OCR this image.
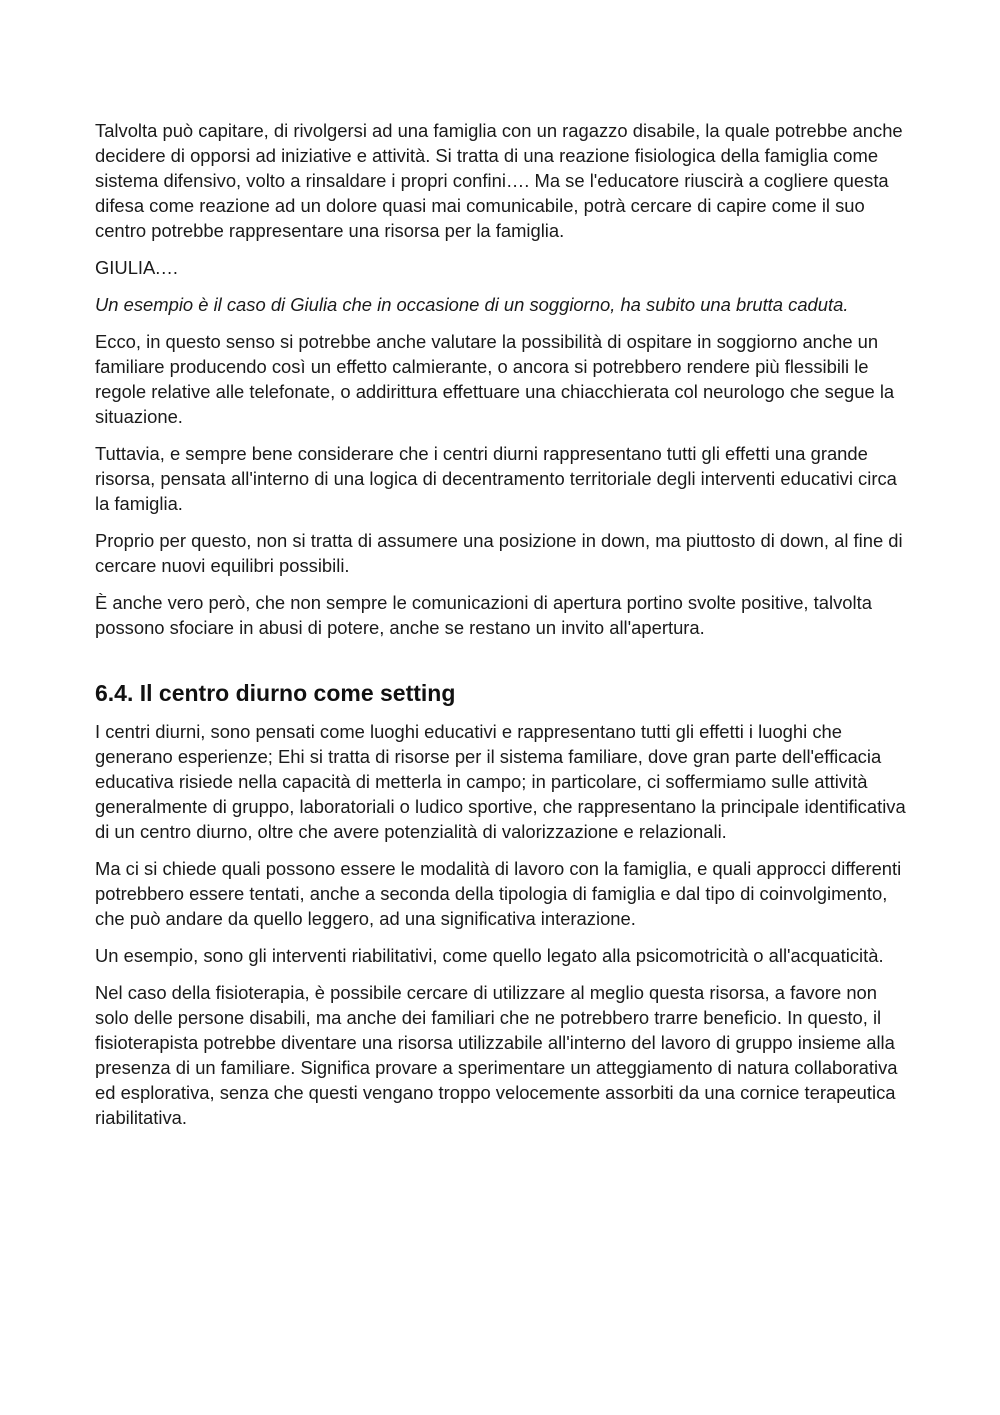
Talvolta può capitare, di rivolgersi ad una famiglia con un ragazzo disabile, la quale potrebbe anche decidere di opporsi ad iniziative e attività. Si tratta di una reazione fisiologica della famiglia come sistema difensivo, volto a rinsaldare i propri confini…. Ma se l'educatore riuscirà a cogliere questa difesa come reazione ad un dolore quasi mai comunicabile, potrà cercare di capire come il suo centro potrebbe rappresentare una risorsa per la famiglia.

GIULIA.…

Un esempio è il caso di Giulia che in occasione di un soggiorno, ha subito una brutta caduta.

Ecco, in questo senso si potrebbe anche valutare la possibilità di ospitare in soggiorno anche un familiare producendo così un effetto calmierante, o ancora si potrebbero rendere più flessibili le regole relative alle telefonate, o addirittura effettuare una chiacchierata col neurologo che segue la situazione.

Tuttavia, e sempre bene considerare che i centri diurni rappresentano tutti gli effetti una grande risorsa, pensata all'interno di una logica di decentramento territoriale degli interventi educativi circa la famiglia.

Proprio per questo, non si tratta di assumere una posizione in down, ma piuttosto di down, al fine di cercare nuovi equilibri possibili.

È anche vero però, che non sempre le comunicazioni di apertura portino svolte positive, talvolta possono sfociare in abusi di potere, anche se restano un invito all'apertura.

6.4. Il centro diurno come setting

I centri diurni, sono pensati come luoghi educativi e rappresentano tutti gli effetti i luoghi che generano esperienze; Ehi si tratta di risorse per il sistema familiare, dove gran parte dell'efficacia educativa risiede nella capacità di metterla in campo; in particolare, ci soffermiamo sulle attività generalmente di gruppo, laboratoriali o ludico sportive, che rappresentano la principale identificativa di un centro diurno, oltre che avere potenzialità di valorizzazione e relazionali.

Ma ci si chiede quali possono essere le modalità di lavoro con la famiglia, e quali approcci differenti potrebbero essere tentati, anche a seconda della tipologia di famiglia e dal tipo di coinvolgimento, che può andare da quello leggero, ad una significativa interazione.

Un esempio, sono gli interventi riabilitativi, come quello legato alla psicomotricità o all'acquaticità.

Nel caso della fisioterapia, è possibile cercare di utilizzare al meglio questa risorsa, a favore non solo delle persone disabili, ma anche dei familiari che ne potrebbero trarre beneficio. In questo, il fisioterapista potrebbe diventare una risorsa utilizzabile all'interno del lavoro di gruppo insieme alla presenza di un familiare. Significa provare a sperimentare un atteggiamento di natura collaborativa ed esplorativa, senza che questi vengano troppo velocemente assorbiti da una cornice terapeutica riabilitativa.
